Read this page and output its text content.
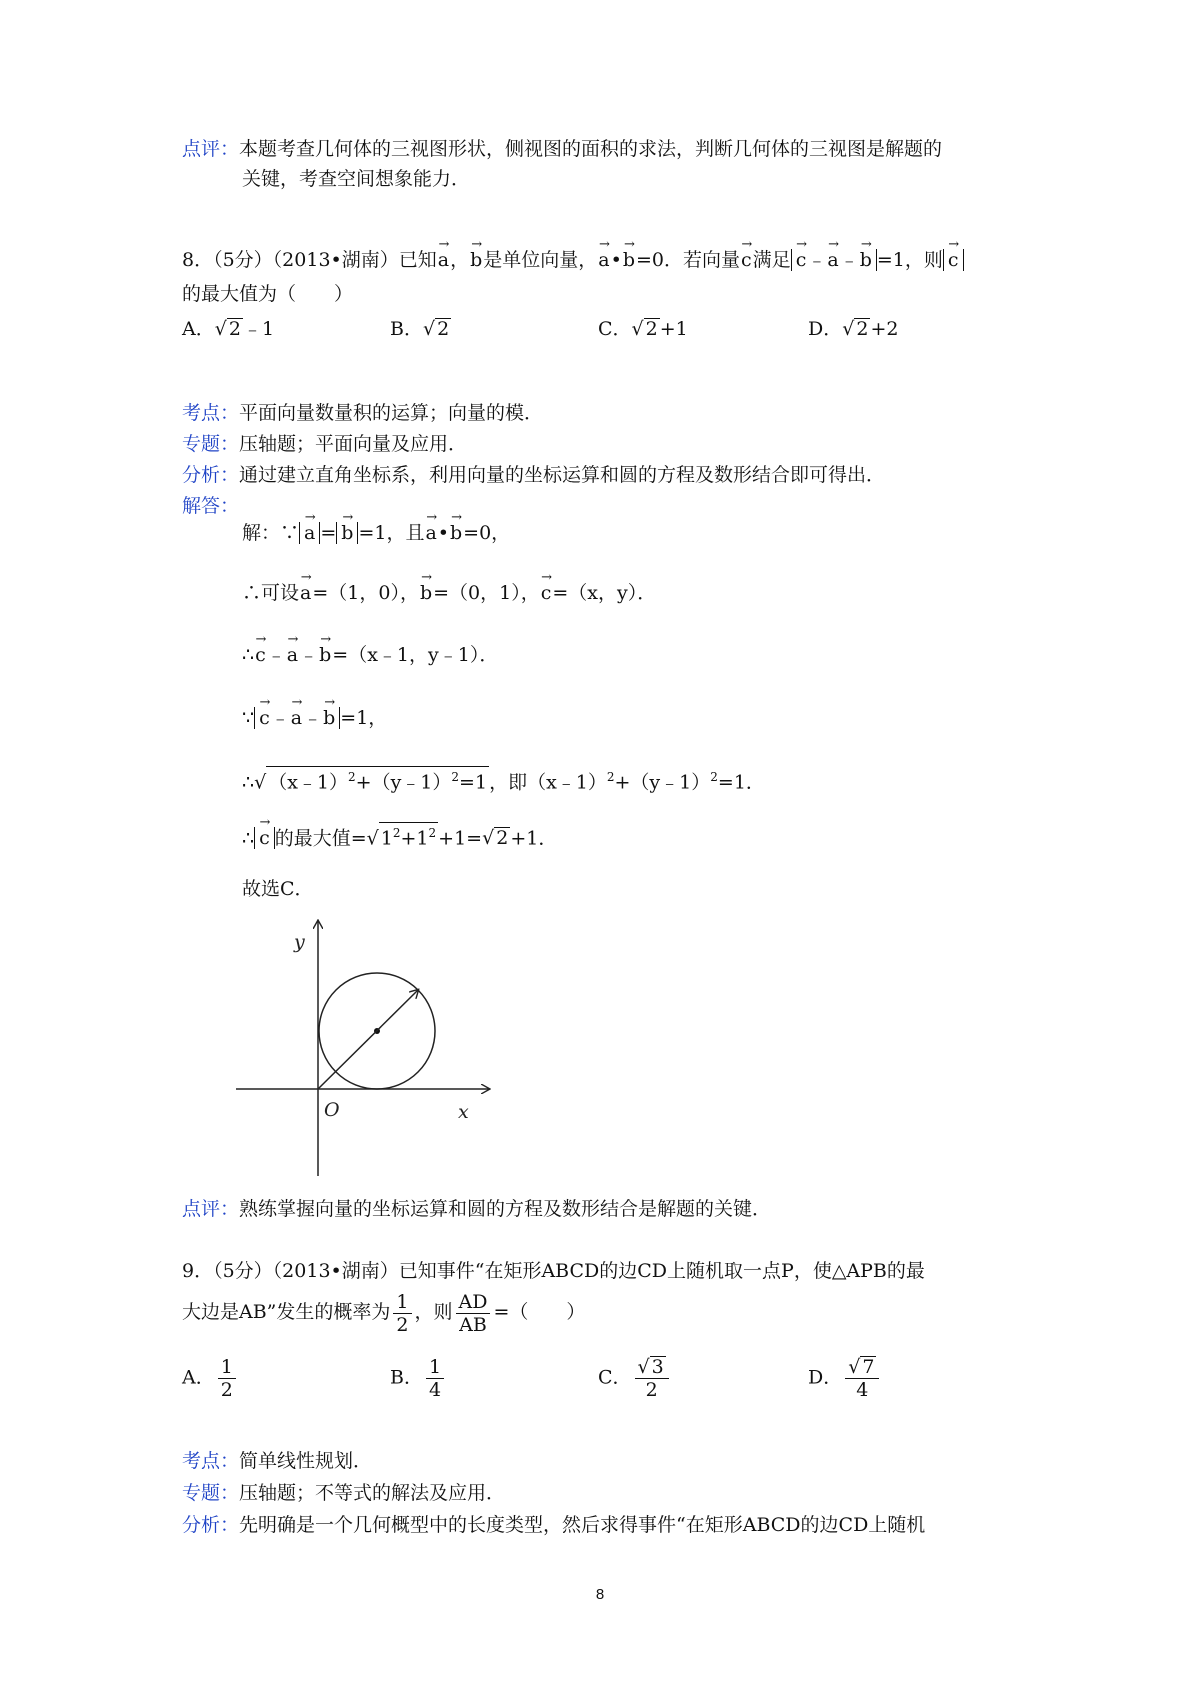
点评：本题考查几何体的三视图形状，侧视图的面积的求法，判断几何体的三视图是解题的
关键，考查空间想象能力．
8．（5分）（2013•湖南）已知→ a，→ b是单位向量，→ a•→ b=0．若向量→ c满足 → c﹣→ a﹣→ b =1，则 → c
的最大值为（　　）
A．√ 2 ﹣1	B．√ 2	C．√ 2 +1	D．√ 2 +2
考点：平面向量数量积的运算；向量的模．
专题：压轴题；平面向量及应用．
分析：通过建立直角坐标系，利用向量的坐标运算和圆的方程及数形结合即可得出．
解答：
解：∵ → a = → b =1，且→ a•→ b=0，
∴可设→ a=（1，0），→ b=（0，1），→ c=（x，y）．
∴→ c﹣→ a﹣→ b=（x﹣1，y﹣1）．
∵ → c﹣→ a﹣→ b =1，
∴√ （x﹣1）$^2$+（y﹣1）$^2$=1 ，即（x﹣1）$^2$+（y﹣1）$^2$=1．
∴ → c 的最大值=√ $1^2+1^2 +1=√$ 2 +1．
故选C．
y
x
O
点评：熟练掌握向量的坐标运算和圆的方程及数形结合是解题的关键．
9．（5分）（2013•湖南）已知事件“在矩形ABCD的边CD上随机取一点P，使△APB的最
大边是AB”发生的概率为 $\frac{1}{2}$ ，则 $\frac{AD}{AB}$ =（　　）
A． $\frac{1}{2}$	B． $\frac{1}{4}$	C． $\frac{√ 3}{2}$	D． $\frac{√ 7}{4}$
考点：简单线性规划．
专题：压轴题；不等式的解法及应用．
分析：先明确是一个几何概型中的长度类型，然后求得事件“在矩形ABCD的边CD上随机
8
